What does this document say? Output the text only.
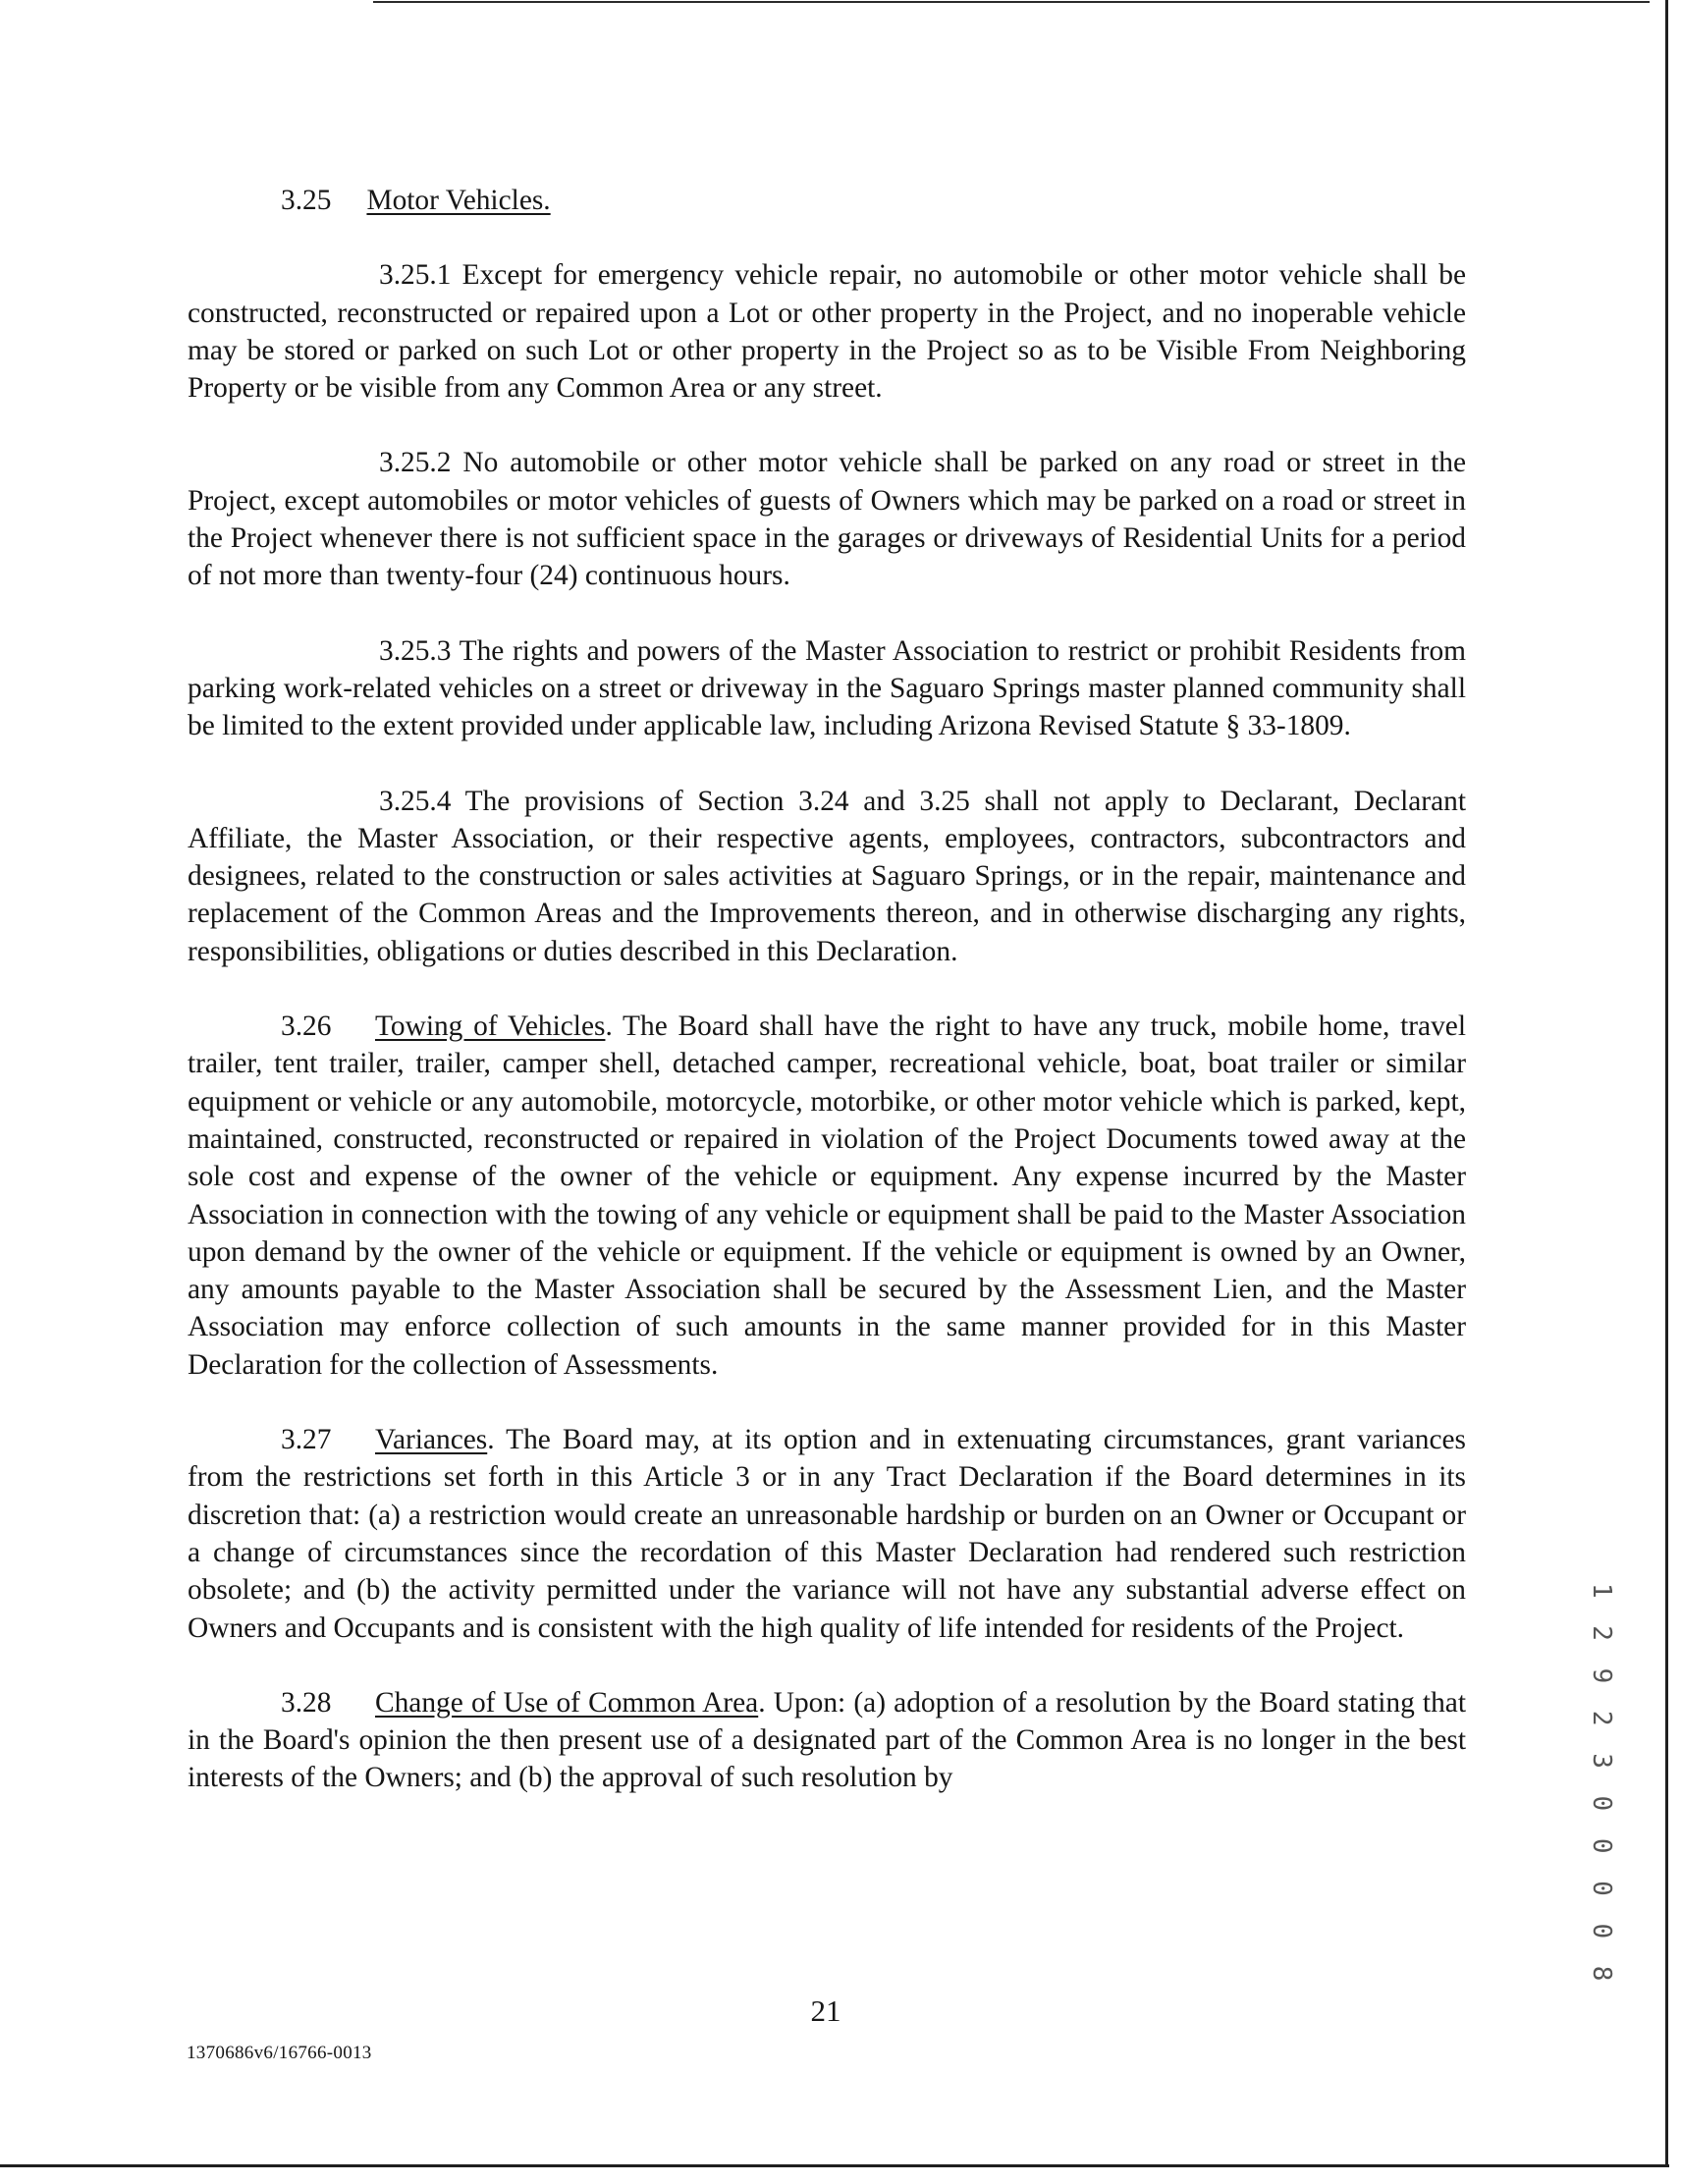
3.25 Motor Vehicles.

3.25.1 Except for emergency vehicle repair, no automobile or other motor vehicle shall be constructed, reconstructed or repaired upon a Lot or other property in the Project, and no inoperable vehicle may be stored or parked on such Lot or other property in the Project so as to be Visible From Neighboring Property or be visible from any Common Area or any street.

3.25.2 No automobile or other motor vehicle shall be parked on any road or street in the Project, except automobiles or motor vehicles of guests of Owners which may be parked on a road or street in the Project whenever there is not sufficient space in the garages or driveways of Residential Units for a period of not more than twenty-four (24) continuous hours.

3.25.3 The rights and powers of the Master Association to restrict or prohibit Residents from parking work-related vehicles on a street or driveway in the Saguaro Springs master planned community shall be limited to the extent provided under applicable law, including Arizona Revised Statute § 33-1809.

3.25.4 The provisions of Section 3.24 and 3.25 shall not apply to Declarant, Declarant Affiliate, the Master Association, or their respective agents, employees, contractors, subcontractors and designees, related to the construction or sales activities at Saguaro Springs, or in the repair, maintenance and replacement of the Common Areas and the Improvements thereon, and in otherwise discharging any rights, responsibilities, obligations or duties described in this Declaration.

3.26 Towing of Vehicles. The Board shall have the right to have any truck, mobile home, travel trailer, tent trailer, trailer, camper shell, detached camper, recreational vehicle, boat, boat trailer or similar equipment or vehicle or any automobile, motorcycle, motorbike, or other motor vehicle which is parked, kept, maintained, constructed, reconstructed or repaired in violation of the Project Documents towed away at the sole cost and expense of the owner of the vehicle or equipment. Any expense incurred by the Master Association in connection with the towing of any vehicle or equipment shall be paid to the Master Association upon demand by the owner of the vehicle or equipment. If the vehicle or equipment is owned by an Owner, any amounts payable to the Master Association shall be secured by the Assessment Lien, and the Master Association may enforce collection of such amounts in the same manner provided for in this Master Declaration for the collection of Assessments.

3.27 Variances. The Board may, at its option and in extenuating circumstances, grant variances from the restrictions set forth in this Article 3 or in any Tract Declaration if the Board determines in its discretion that: (a) a restriction would create an unreasonable hardship or burden on an Owner or Occupant or a change of circumstances since the recordation of this Master Declaration had rendered such restriction obsolete; and (b) the activity permitted under the variance will not have any substantial adverse effect on Owners and Occupants and is consistent with the high quality of life intended for residents of the Project.

3.28 Change of Use of Common Area. Upon: (a) adoption of a resolution by the Board stating that in the Board's opinion the then present use of a designated part of the Common Area is no longer in the best interests of the Owners; and (b) the approval of such resolution by

21
1370686v6/16766-0013
1 2 9 2 3 0 0 0 0 8
